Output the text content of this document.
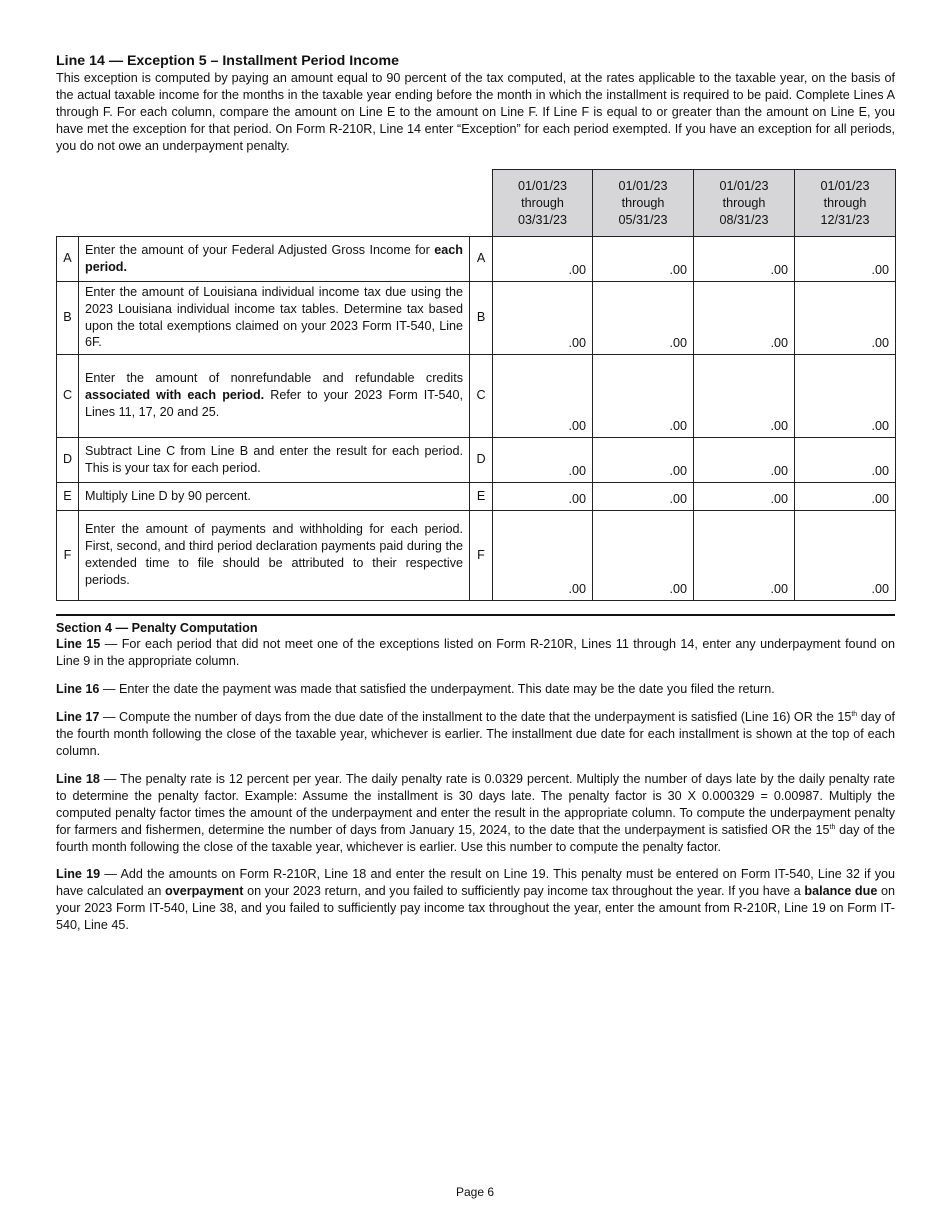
Line 14 — Exception 5 – Installment Period Income

This exception is computed by paying an amount equal to 90 percent of the tax computed, at the rates applicable to the taxable year, on the basis of the actual taxable income for the months in the taxable year ending before the month in which the installment is required to be paid. Complete Lines A through F. For each column, compare the amount on Line E to the amount on Line F. If Line F is equal to or greater than the amount on Line E, you have met the exception for that period. On Form R-210R, Line 14 enter “Exception” for each period exempted. If you have an exception for all periods, you do not owe an underpayment penalty.

			01/01/23
through
03/31/23	01/01/23
through
05/31/23	01/01/23
through
08/31/23	01/01/23
through
12/31/23

A	Enter the amount of your Federal Adjusted Gross Income for each period.	A	.00	.00	.00	.00
B	Enter the amount of Louisiana individual income tax due using the 2023 Louisiana individual income tax tables. Determine tax based upon the total exemptions claimed on your 2023 Form IT-540, Line 6F.	B	.00	.00	.00	.00
C	Enter the amount of nonrefundable and refundable credits associated with each period. Refer to your 2023 Form IT-540, Lines 11, 17, 20 and 25.	C	.00	.00	.00	.00
D	Subtract Line C from Line B and enter the result for each period. This is your tax for each period.	D	.00	.00	.00	.00
E	Multiply Line D by 90 percent.	E	.00	.00	.00	.00
F	Enter the amount of payments and withholding for each period. First, second, and third period declaration payments paid during the extended time to file should be attributed to their respective periods.	F	.00	.00	.00	.00
Section 4 — Penalty Computation

Line 15 — For each period that did not meet one of the exceptions listed on Form R-210R, Lines 11 through 14, enter any underpayment found on Line 9 in the appropriate column.

Line 16 — Enter the date the payment was made that satisfied the underpayment. This date may be the date you filed the return.

Line 17 — Compute the number of days from the due date of the installment to the date that the underpayment is satisfied (Line 16) OR the 15th day of the fourth month following the close of the taxable year, whichever is earlier. The installment due date for each installment is shown at the top of each column.

Line 18 — The penalty rate is 12 percent per year. The daily penalty rate is 0.0329 percent. Multiply the number of days late by the daily penalty rate to determine the penalty factor. Example: Assume the installment is 30 days late. The penalty factor is 30 X 0.000329 = 0.00987. Multiply the computed penalty factor times the amount of the underpayment and enter the result in the appropriate column. To compute the underpayment penalty for farmers and fishermen, determine the number of days from January 15, 2024, to the date that the underpayment is satisfied OR the 15th day of the fourth month following the close of the taxable year, whichever is earlier. Use this number to compute the penalty factor.

Line 19 — Add the amounts on Form R-210R, Line 18 and enter the result on Line 19. This penalty must be entered on Form IT-540, Line 32 if you have calculated an overpayment on your 2023 return, and you failed to sufficiently pay income tax throughout the year. If you have a balance due on your 2023 Form IT-540, Line 38, and you failed to sufficiently pay income tax throughout the year, enter the amount from R-210R, Line 19 on Form IT-540, Line 45.

Page 6
